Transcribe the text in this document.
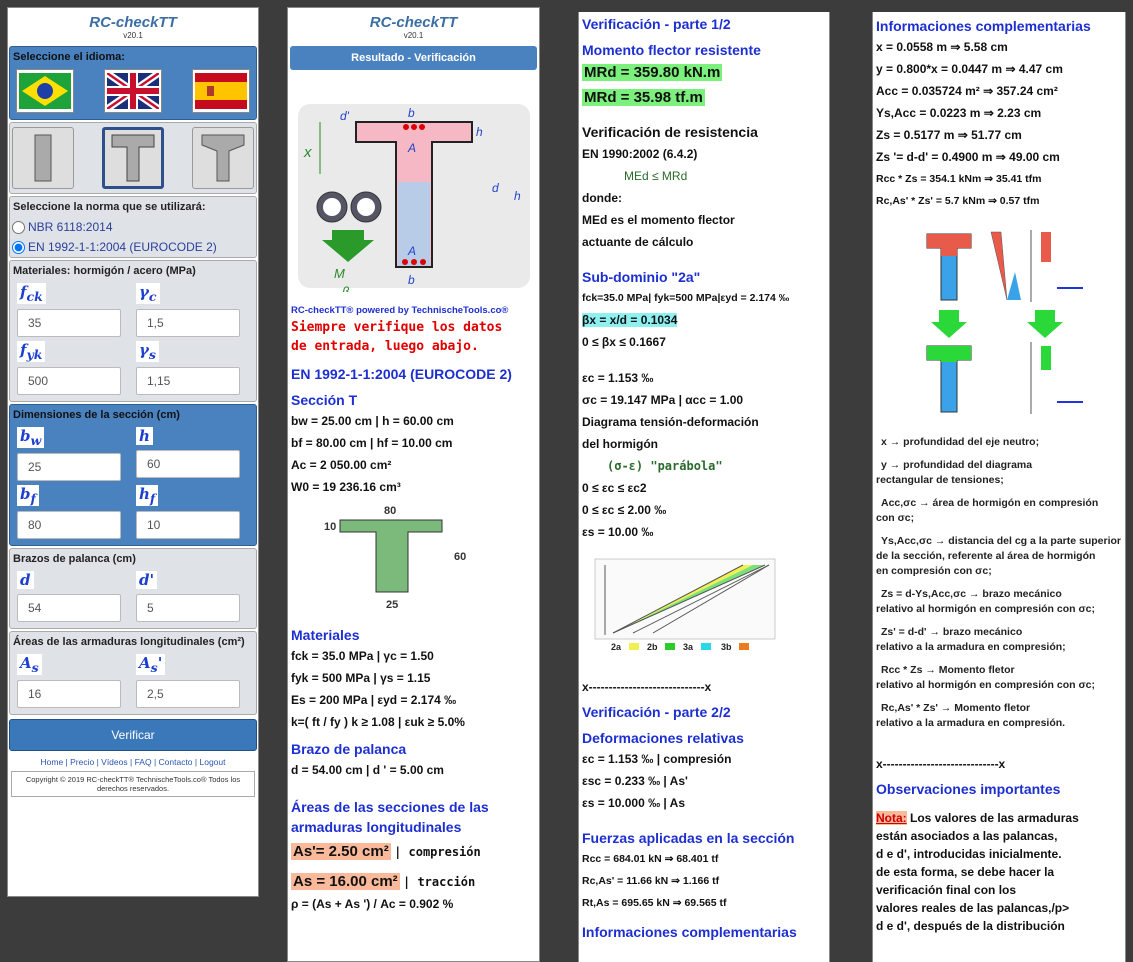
RC-checkTT
v20.1
Seleccione el idioma:
Seleccione la norma que se utilizará:
NBR 6118:2014
EN 1992-1-1:2004 (EUROCODE 2)
Materiales: hormigón / acero (MPa)
$f_{ck}$
35
$\gamma_c$
1,5
$f_{yk}$
500
$\gamma_s$
1,15
Dimensiones de la sección (cm)
$b_w$
25
h
60
$b_f$
80
$h_f$
10
Brazos de palanca (cm)
d
54
d'
5
Áreas de las armaduras longitudinales (cm²)
$A_s$
16
$A_s'$
2,5
Verificar
Home | Precio | Vídeos | FAQ | Contacto | Logout
Copyright © 2019 RC-checkTT® TechnischeTools.co® Todos los derechos reservados.
RC-checkTT
v20.1
Resultado - Verificación
b
b
d'
h
d
h
A
A
x
M
β
RC-checkTT® powered by TechnischeTools.co®
Siempre verifique los datos
de entrada, luego abajo.
EN 1992-1-1:2004 (EUROCODE 2)
Sección T
bw = 25.00 cm | h = 60.00 cm
bf = 80.00 cm | hf = 10.00 cm
Ac = 2 050.00 cm²
W0 = 19 236.16 cm³
80
10
60
25
Materiales
fck = 35.0 MPa | γc = 1.50
fyk = 500 MPa | γs = 1.15
Es = 200 MPa | εyd = 2.174 ‰
k=( ft / fy ) k ≥ 1.08 | εuk ≥ 5.0%
Brazo de palanca
d = 54.00 cm | d ' = 5.00 cm
Áreas de las secciones de las armaduras longitudinales
As'= 2.50 cm² | compresión
As = 16.00 cm² | tracción
ρ = (As + As ') / Ac = 0.902 %
Verificación - parte 1/2
Momento flector resistente
MRd = 359.80 kN.m
MRd = 35.98 tf.m
Verificación de resistencia
EN 1990:2002 (6.4.2)
MEd ≤ MRd
donde:
MEd es el momento flector
actuante de cálculo
Sub-dominio "2a"
fck=35.0 MPa| fyk=500 MPa|εyd = 2.174 ‰
βx = x/d = 0.1034
0 ≤ βx ≤ 0.1667
εc = 1.153 ‰
σc = 19.147 MPa | αcc = 1.00
Diagrama tensión-deformación
del hormigón
(σ-ε) "parábola"
0 ≤ εc ≤ εc2
0 ≤ εc ≤ 2.00 ‰
εs = 10.00 ‰
2a	2b	3a	3b
x-----------------------------x
Verificación - parte 2/2
Deformaciones relativas
εc = 1.153 ‰ | compresión
εsc = 0.233 ‰ | As'
εs = 10.000 ‰ | As
Fuerzas aplicadas en la sección
Rcc = 684.01 kN ⇒ 68.401 tf
Rc,As' = 11.66 kN ⇒ 1.166 tf
Rt,As = 695.65 kN ⇒ 69.565 tf
Informaciones complementarias
Informaciones complementarias
x = 0.0558 m ⇒ 5.58 cm
y = 0.800*x = 0.0447 m ⇒ 4.47 cm
Acc = 0.035724 m² ⇒ 357.24 cm²
Ys,Acc = 0.0223 m ⇒ 2.23 cm
Zs = 0.5177 m ⇒ 51.77 cm
Zs '= d-d' = 0.4900 m ⇒ 49.00 cm
Rcc * Zs = 354.1 kNm ⇒ 35.41 tfm
Rc,As' * Zs' = 5.7 kNm ⇒ 0.57 tfm
x → profundidad del eje neutro;
y → profundidad del diagrama
rectangular de tensiones;
Acc,σc → área de hormigón en compresión
con σc;
Ys,Acc,σc → distancia del cg a la parte superior
de la sección, referente al área de hormigón
en compresión con σc;
Zs = d-Ys,Acc,σc → brazo mecánico
relativo al hormigón en compresión con σc;
Zs' = d-d' → brazo mecánico
relativo a la armadura en compresión;
Rcc * Zs → Momento fletor
relativo al hormigón en compresión con σc;
Rc,As' * Zs' → Momento fletor
relativo a la armadura en compresión.
x-----------------------------x
Observaciones importantes
Nota: Los valores de las armaduras
están asociados a las palancas,
d e d', introducidas inicialmente.
de esta forma, se debe hacer la
verificación final con los
valores reales de las palancas,/p>
d e d', después de la distribución
